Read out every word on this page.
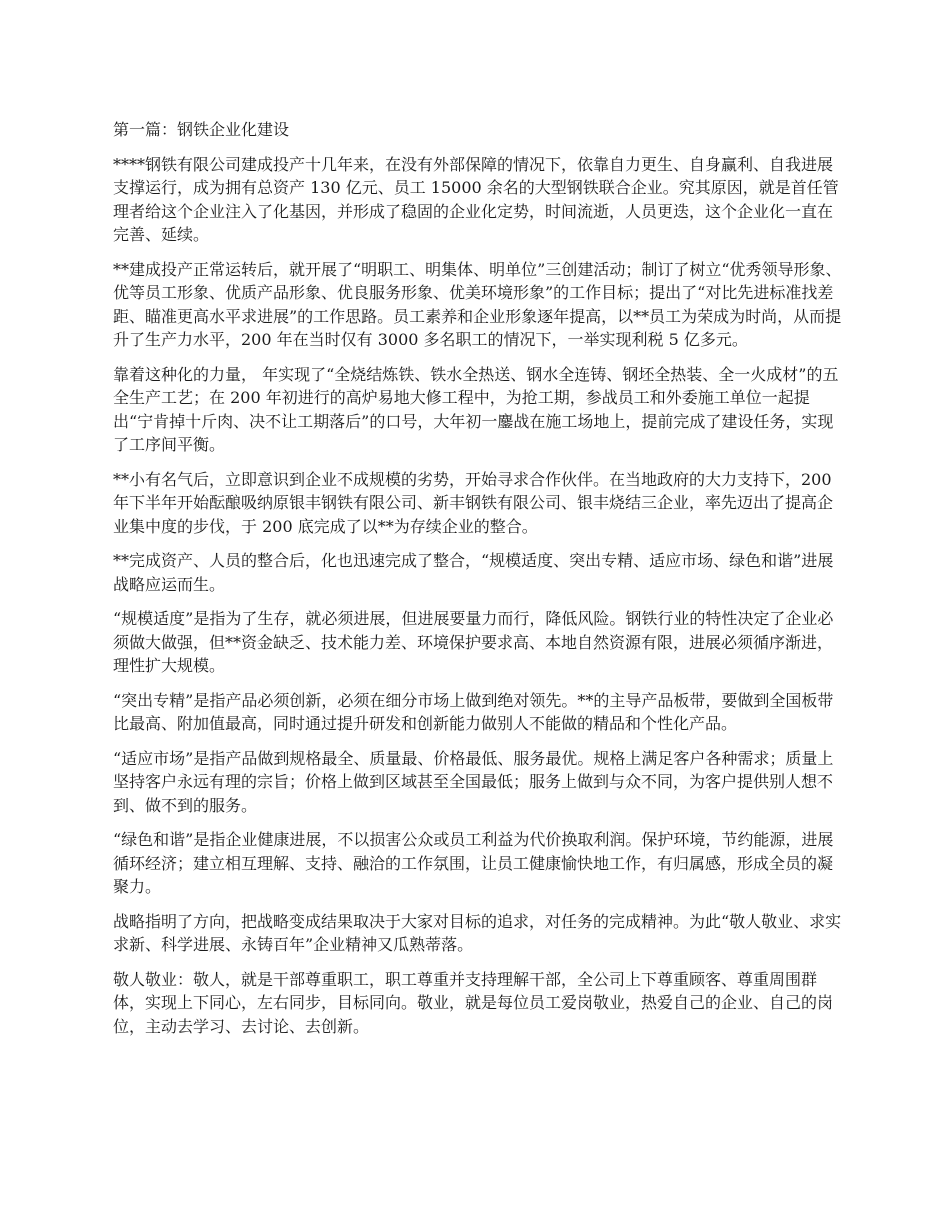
第一篇：钢铁企业化建设

****钢铁有限公司建成投产十几年来，在没有外部保障的情况下，依靠自力更生、自身赢利、自我进展支撑运行，成为拥有总资产 130 亿元、员工 15000 余名的大型钢铁联合企业。究其原因，就是首任管理者给这个企业注入了化基因，并形成了稳固的企业化定势，时间流逝，人员更迭，这个企业化一直在完善、延续。

**建成投产正常运转后，就开展了“明职工、明集体、明单位”三创建活动；制订了树立“优秀领导形象、优等员工形象、优质产品形象、优良服务形象、优美环境形象”的工作目标；提出了“对比先进标准找差距、瞄准更高水平求进展”的工作思路。员工素养和企业形象逐年提高，以**员工为荣成为时尚，从而提升了生产力水平，200 年在当时仅有 3000 多名职工的情况下，一举实现利税 5 亿多元。

靠着这种化的力量， 年实现了“全烧结炼铁、铁水全热送、钢水全连铸、钢坯全热装、全一火成材”的五全生产工艺；在 200 年初进行的高炉易地大修工程中，为抢工期，参战员工和外委施工单位一起提出“宁肯掉十斤肉、决不让工期落后”的口号，大年初一鏖战在施工场地上，提前完成了建设任务，实现了工序间平衡。

**小有名气后，立即意识到企业不成规模的劣势，开始寻求合作伙伴。在当地政府的大力支持下，200 年下半年开始酝酿吸纳原银丰钢铁有限公司、新丰钢铁有限公司、银丰烧结三企业，率先迈出了提高企业集中度的步伐，于 200 底完成了以**为存续企业的整合。

**完成资产、人员的整合后，化也迅速完成了整合，“规模适度、突出专精、适应市场、绿色和谐”进展战略应运而生。

“规模适度”是指为了生存，就必须进展，但进展要量力而行，降低风险。钢铁行业的特性决定了企业必须做大做强，但**资金缺乏、技术能力差、环境保护要求高、本地自然资源有限，进展必须循序渐进，理性扩大规模。

“突出专精”是指产品必须创新，必须在细分市场上做到绝对领先。**的主导产品板带，要做到全国板带比最高、附加值最高，同时通过提升研发和创新能力做别人不能做的精品和个性化产品。

“适应市场”是指产品做到规格最全、质量最、价格最低、服务最优。规格上满足客户各种需求；质量上坚持客户永远有理的宗旨；价格上做到区域甚至全国最低；服务上做到与众不同，为客户提供别人想不到、做不到的服务。

“绿色和谐”是指企业健康进展，不以损害公众或员工利益为代价换取利润。保护环境，节约能源，进展循环经济；建立相互理解、支持、融洽的工作氛围，让员工健康愉快地工作，有归属感，形成全员的凝聚力。

战略指明了方向，把战略变成结果取决于大家对目标的追求，对任务的完成精神。为此“敬人敬业、求实求新、科学进展、永铸百年”企业精神又瓜熟蒂落。

敬人敬业：敬人，就是干部尊重职工，职工尊重并支持理解干部，全公司上下尊重顾客、尊重周围群体，实现上下同心，左右同步，目标同向。敬业，就是每位员工爱岗敬业，热爱自己的企业、自己的岗位，主动去学习、去讨论、去创新。
